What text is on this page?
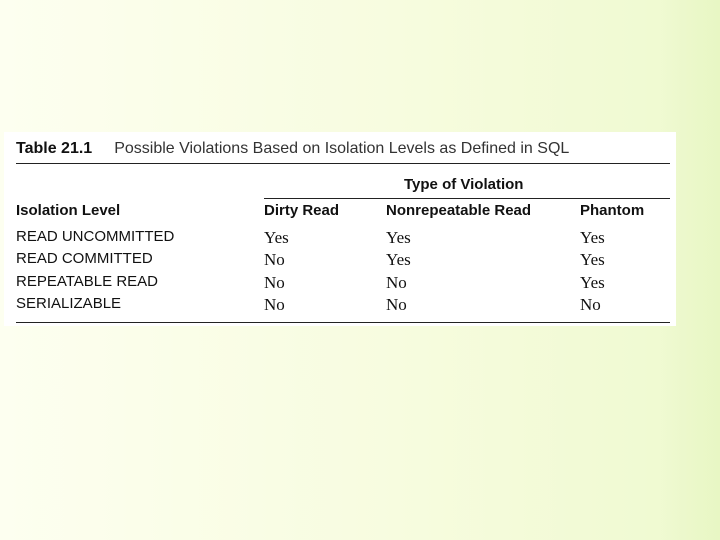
Table 21.1 Possible Violations Based on Isolation Levels as Defined in SQL
Type of Violation
Isolation Level	Dirty Read	Nonrepeatable Read	Phantom
READ UNCOMMITTED	Yes	Yes	Yes
READ COMMITTED	No	Yes	Yes
REPEATABLE READ	No	No	Yes
SERIALIZABLE	No	No	No
